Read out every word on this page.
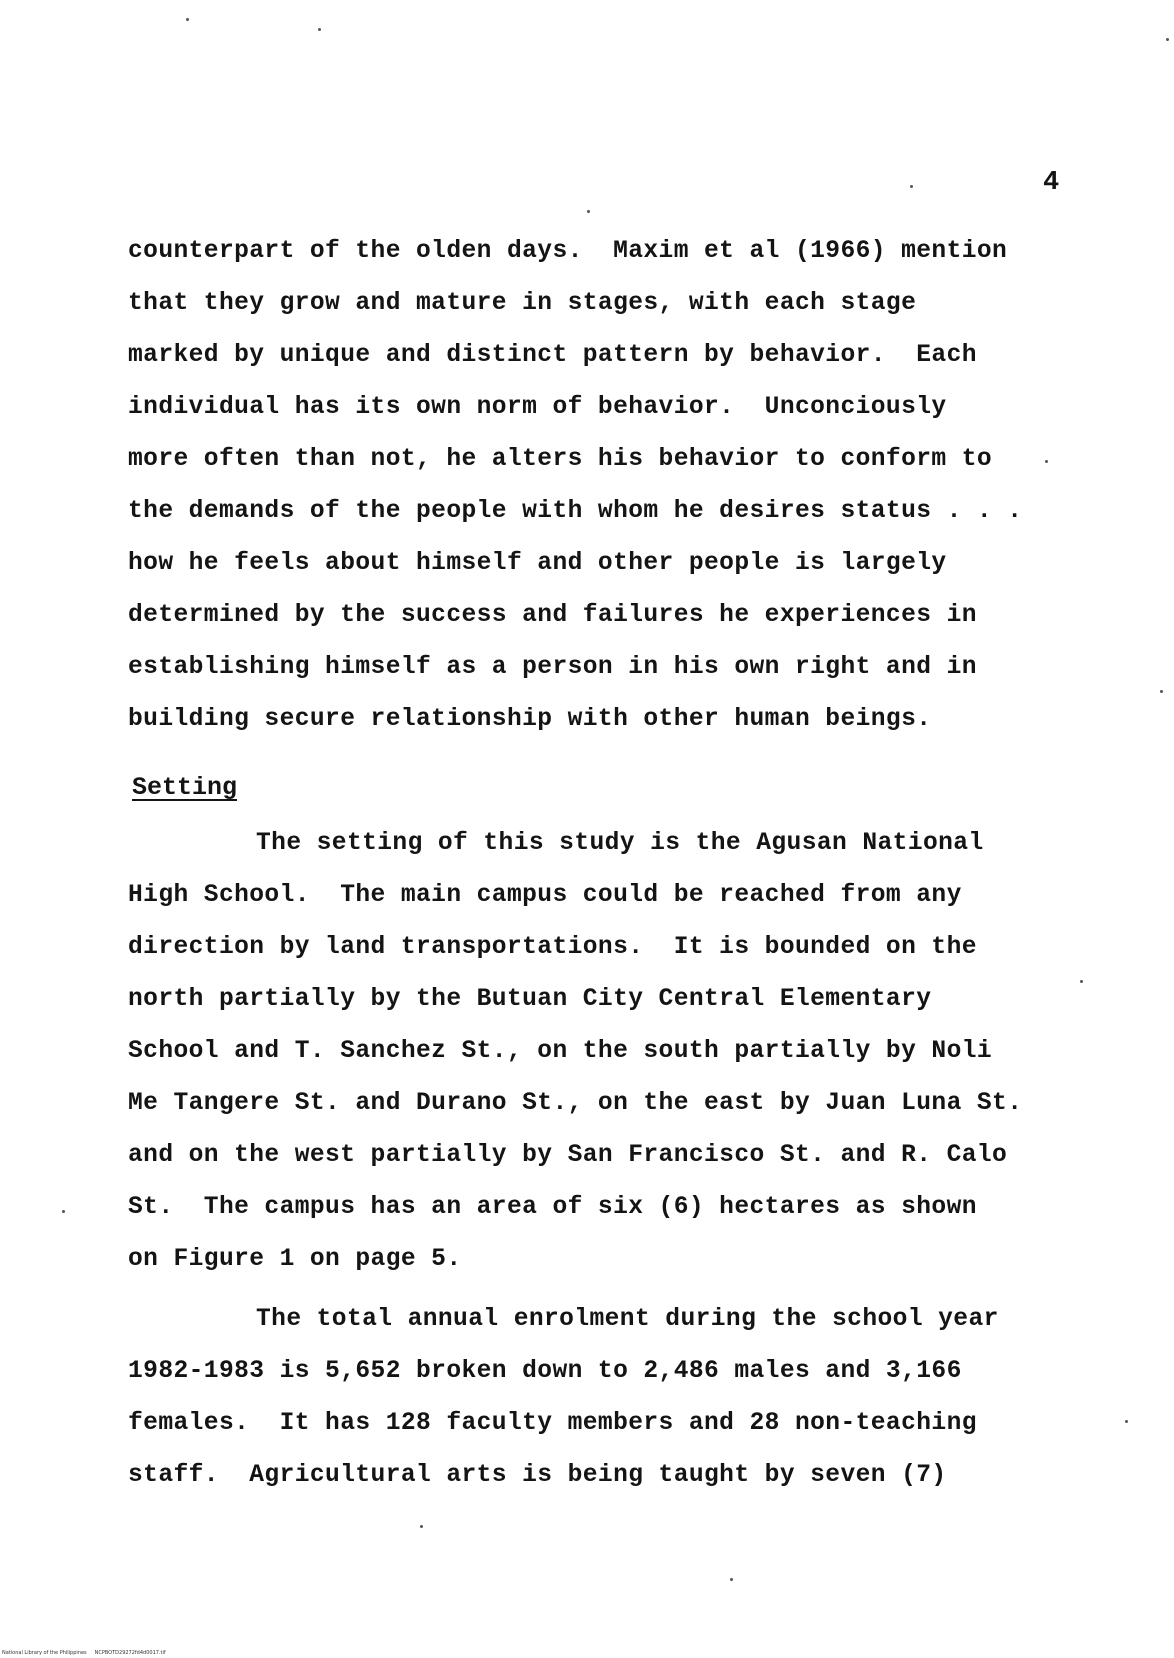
4
counterpart of the olden days.  Maxim et al (1966) mention
that they grow and mature in stages, with each stage
marked by unique and distinct pattern by behavior.  Each
individual has its own norm of behavior.  Unconciously
more often than not, he alters his behavior to conform to
the demands of the people with whom he desires status . . .
how he feels about himself and other people is largely
determined by the success and failures he experiences in
establishing himself as a person in his own right and in
building secure relationship with other human beings.
Setting
The setting of this study is the Agusan National
High School.  The main campus could be reached from any
direction by land transportations.  It is bounded on the
north partially by the Butuan City Central Elementary
School and T. Sanchez St., on the south partially by Noli
Me Tangere St. and Durano St., on the east by Juan Luna St.
and on the west partially by San Francisco St. and R. Calo
St.  The campus has an area of six (6) hectares as shown
on Figure 1 on page 5.
The total annual enrolment during the school year
1982-1983 is 5,652 broken down to 2,486 males and 3,166
females.  It has 128 faculty members and 28 non-teaching
staff.  Agricultural arts is being taught by seven (7)
National Library of the Philippines     NCPBOTD29272fd4d0017.tif
